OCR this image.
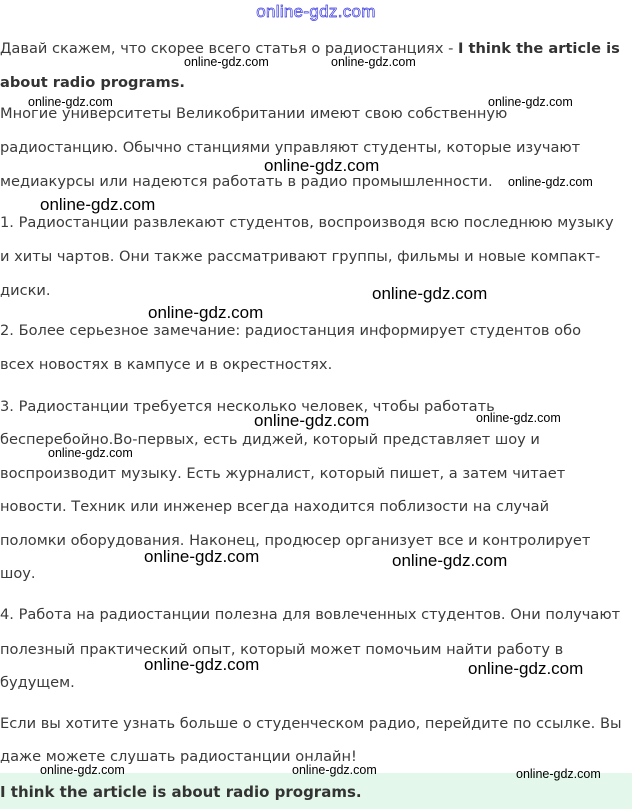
online-gdz.com
Давай скажем, что скорее всего статья о радиостанциях - I think the article is
about radio programs.
Многие университеты Великобритании имеют свою собственную
радиостанцию. Обычно станциями управляют студенты, которые изучают
медиакурсы или надеются работать в радио промышленности.
1. Радиостанции развлекают студентов, воспроизводя всю последнюю музыку
и хиты чартов. Они также рассматривают группы, фильмы и новые компакт-
диски.
2. Более серьезное замечание: радиостанция информирует студентов обо
всех новостях в кампусе и в окрестностях.
3. Радиостанции требуется несколько человек, чтобы работать
бесперебойно.Во-первых, есть диджей, который представляет шоу и
воспроизводит музыку. Есть журналист, который пишет, а затем читает
новости. Техник или инженер всегда находится поблизости на случай
поломки оборудования. Наконец, продюсер организует все и контролирует
шоу.
4. Работа на радиостанции полезна для вовлеченных студентов. Они получают
полезный практический опыт, который может помочьим найти работу в
будущем.
Если вы хотите узнать больше о студенческом радио, перейдите по ссылке. Вы
даже можете слушать радиостанции онлайн!
I think the article is about radio programs.
online-gdz.com	online-gdz.com
online-gdz.com	online-gdz.com
online-gdz.com
online-gdz.com
online-gdz.com
online-gdz.com
online-gdz.com
online-gdz.com	online-gdz.com
online-gdz.com
online-gdz.com	online-gdz.com
online-gdz.com	online-gdz.com
online-gdz.com	online-gdz.com	online-gdz.com
